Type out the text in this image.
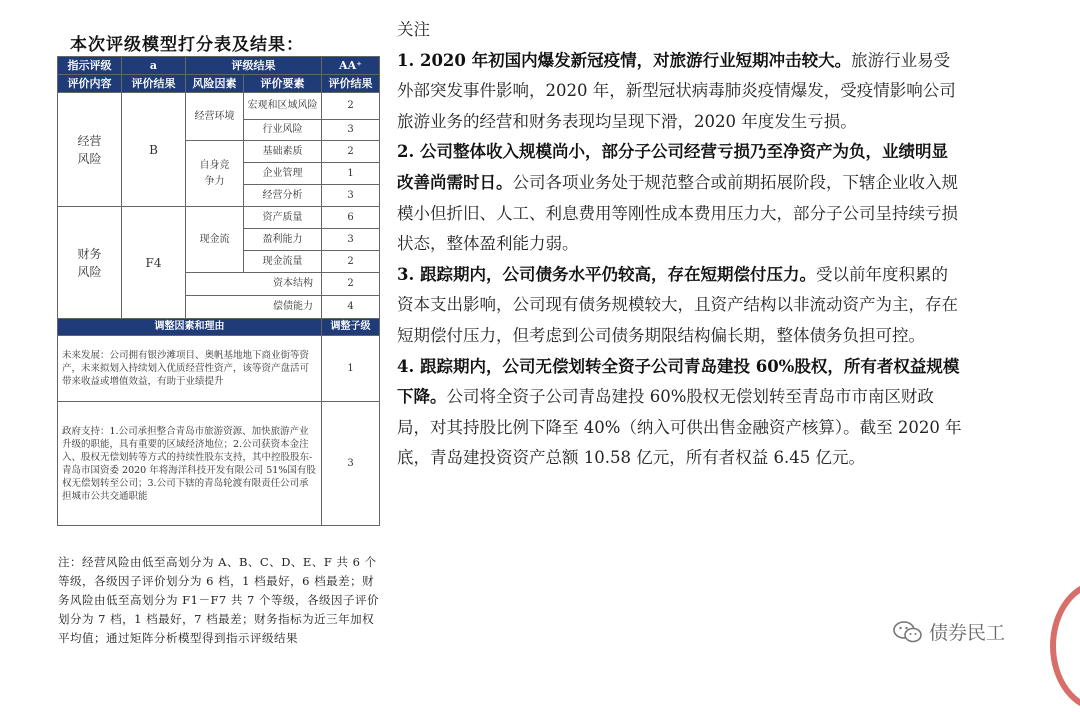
本次评级模型打分表及结果：
指示评级	a	评级结果		AA⁺
评价内容	评价结果	风险因素	评价要素	评价结果
经营风险	B	经营环境	宏观和区域风险	2
			行业风险	3
		自身竞争力	基础素质	2
			企业管理	1
			经营分析	3
财务风险	F4	现金流	资产质量	6
			盈利能力	3
			现金流量	2
		资本结构		2
		偿债能力		4
调整因素和理由				调整子级
未来发展：公司拥有银沙滩项目、奥帆基地地下商业街等资产，未来拟划入持续划入优质经营性资产，该等资产盘活可带来收益或增值效益，有助于业绩提升				1
政府支持：1.公司承担整合青岛市旅游资源、加快旅游产业升级的职能，具有重要的区域经济地位；2.公司获资本金注入、股权无偿划转等方式的持续性股东支持，其中控股股东-青岛市国资委 2020 年将海洋科技开发有限公司 51%国有股权无偿划转至公司；3.公司下辖的青岛轮渡有限责任公司承担城市公共交通职能				3
注：经营风险由低至高划分为 A、B、C、D、E、F 共 6 个等级，各级因子评价划分为 6 档，1 档最好，6 档最差；财务风险由低至高划分为 F1－F7 共 7 个等级，各级因子评价划分为 7 档，1 档最好，7 档最差；财务指标为近三年加权平均值；通过矩阵分析模型得到指示评级结果

关注

1. 2020 年初国内爆发新冠疫情，对旅游行业短期冲击较大。旅游行业易受外部突发事件影响，2020 年，新型冠状病毒肺炎疫情爆发，受疫情影响公司旅游业务的经营和财务表现均呈现下滑，2020 年度发生亏损。

2. 公司整体收入规模尚小，部分子公司经营亏损乃至净资产为负，业绩明显改善尚需时日。公司各项业务处于规范整合或前期拓展阶段，下辖企业收入规模小但折旧、人工、利息费用等刚性成本费用压力大，部分子公司呈持续亏损状态，整体盈利能力弱。

3. 跟踪期内，公司债务水平仍较高，存在短期偿付压力。受以前年度积累的资本支出影响，公司现有债务规模较大，且资产结构以非流动资产为主，存在短期偿付压力，但考虑到公司债务期限结构偏长期，整体债务负担可控。

4. 跟踪期内，公司无偿划转全资子公司青岛建投 60%股权，所有者权益规模下降。公司将全资子公司青岛建投 60%股权无偿划转至青岛市市南区财政局，对其持股比例下降至 40%（纳入可供出售金融资产核算）。截至 2020 年底，青岛建投资资产总额 10.58 亿元，所有者权益 6.45 亿元。

债券民工
